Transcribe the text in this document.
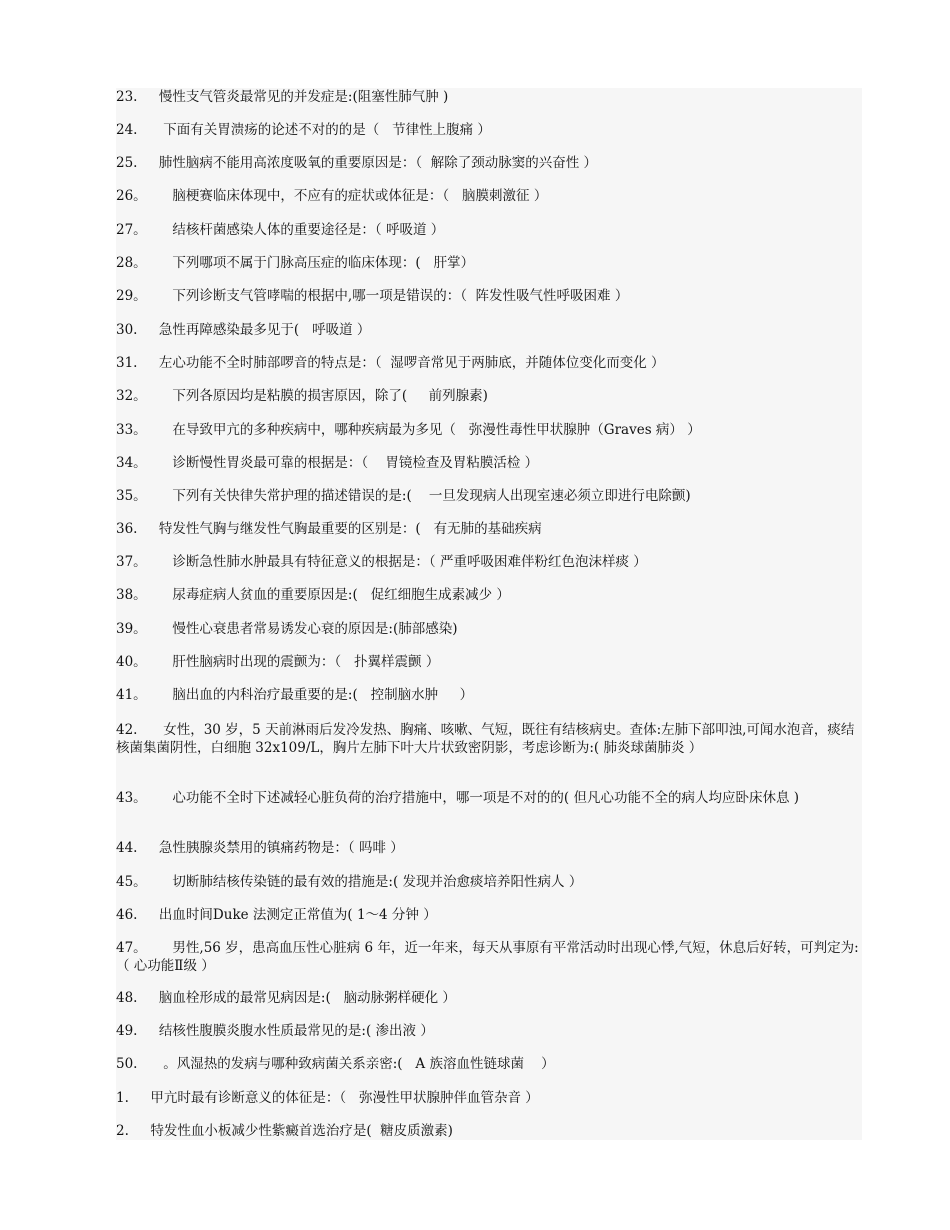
23.     慢性支气管炎最常见的并发症是:(阻塞性肺气肿 )
24.      下面有关胃溃疡的论述不对的的是（   节律性上腹痛 ）
25.     肺性脑病不能用高浓度吸氧的重要原因是：（  解除了颈动脉窦的兴奋性 ）
26。      脑梗赛临床体现中，不应有的症状或体征是：（   脑膜刺激征 ）
27。      结核杆菌感染人体的重要途径是：（ 呼吸道 ）
28。      下列哪项不属于门脉高压症的临床体现：(   肝掌）
29。      下列诊断支气管哮喘的根据中,哪一项是错误的：（  阵发性吸气性呼吸困难 ）
30.     急性再障感染最多见于(   呼吸道 ）
31.     左心功能不全时肺部啰音的特点是：（  湿啰音常见于两肺底，并随体位变化而变化 ）
32。      下列各原因均是粘膜的损害原因，除了(     前列腺素)
33。      在导致甲亢的多种疾病中，哪种疾病最为多见（   弥漫性毒性甲状腺肿（Graves 病） ）
34。      诊断慢性胃炎最可靠的根据是：（    胃镜检查及胃粘膜活检 ）
35。      下列有关快律失常护理的描述错误的是:(    一旦发现病人出现室速必须立即进行电除颤)
36.     特发性气胸与继发性气胸最重要的区别是：(   有无肺的基础疾病
37。      诊断急性肺水肿最具有特征意义的根据是：（ 严重呼吸困难伴粉红色泡沫样痰 ）
38。      尿毒症病人贫血的重要原因是:(   促红细胞生成素减少 ）
39。      慢性心衰患者常易诱发心衰的原因是:(肺部感染)
40。      肝性脑病时出现的震颤为：（   扑翼样震颤 ）
41。      脑出血的内科治疗最重要的是:(   控制脑水肿     ）
42.      女性，30 岁，5 天前淋雨后发冷发热、胸痛、咳嗽、气短，既往有结核病史。查体:左肺下部叩浊,可闻水泡音，痰结核菌集菌阴性，白细胞 32x109/L，胸片左肺下叶大片状致密阴影，考虑诊断为:( 肺炎球菌肺炎 ）
43。      心功能不全时下述减轻心脏负荷的治疗措施中，哪一项是不对的的( 但凡心功能不全的病人均应卧床休息 )
44.     急性胰腺炎禁用的镇痛药物是：（ 吗啡 ）
45。      切断肺结核传染链的最有效的措施是:( 发现并治愈痰培养阳性病人 ）
46.     出血时间Duke 法测定正常值为( 1～4 分钟 ）
47。      男性,56 岁，患高血压性心脏病 6 年，近一年来，每天从事原有平常活动时出现心悸,气短，休息后好转，可判定为:（ 心功能Ⅱ级 ）
48.     脑血栓形成的最常见病因是:(   脑动脉粥样硬化 ）
49.     结核性腹膜炎腹水性质最常见的是:( 渗出液 ）
50.      。风湿热的发病与哪种致病菌关系亲密:(   A 族溶血性链球菌    ）
1.     甲亢时最有诊断意义的体征是：（   弥漫性甲状腺肿伴血管杂音 ）
2.     特发性血小板减少性紫癜首选治疗是(  糖皮质激素)
